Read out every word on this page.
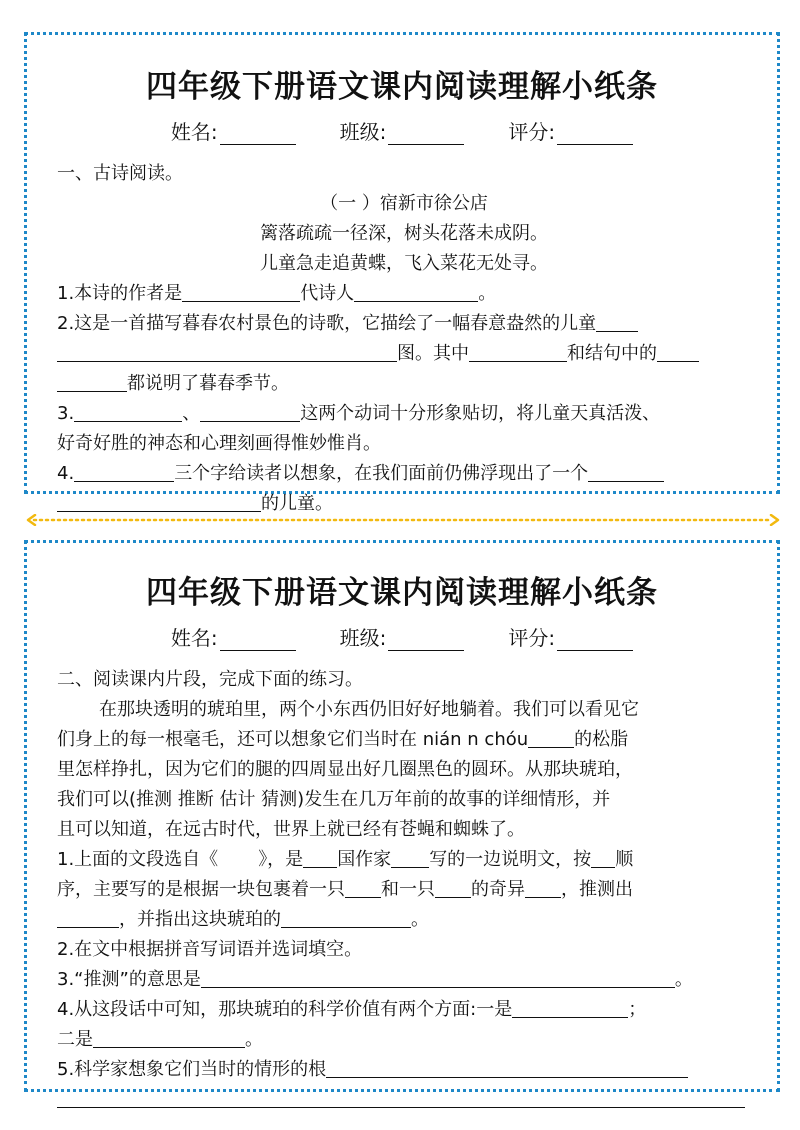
四年级下册语文课内阅读理解小纸条
姓名:	班级:	评分:
一、古诗阅读。
（一 ）宿新市徐公店
篱落疏疏一径深，树头花落未成阴。
儿童急走追黄蝶，飞入菜花无处寻。
1.本诗的作者是	代诗人	。
2.这是一首描写暮春农村景色的诗歌，它描绘了一幅春意盎然的儿童
图。其中	和结句中的
都说明了暮春季节。
3.	、	这两个动词十分形象贴切，将儿童天真活泼、
好奇好胜的神态和心理刻画得惟妙惟肖。
4.	三个字给读者以想象，在我们面前仍佛浮现出了一个
的儿童。
四年级下册语文课内阅读理解小纸条
姓名:	班级:	评分:
二、阅读课内片段，完成下面的练习。
在那块透明的琥珀里，两个小东西仍旧好好地躺着。我们可以看见它
们身上的每一根毫毛，还可以想象它们当时在 nián n chóu	的松脂
里怎样挣扎，因为它们的腿的四周显出好几圈黑色的圆环。从那块琥珀，
我们可以(推测 推断 估计 猜测)发生在几万年前的故事的详细情形，并
且可以知道，在远古时代，世界上就已经有苍蝇和蜘蛛了。
1.上面的文段选自《 》，是 国作家 写的一边说明文，按 顺
序，主要写的是根据一块包裹着一只 和一只 的奇异 ，推测出
，并指出这块琥珀的	。
2.在文中根据拼音写词语并选词填空。
3.“推测”的意思是	。
4.从这段话中可知，那块琥珀的科学价值有两个方面:一是	；
二是	。
5.科学家想象它们当时的情形的根
